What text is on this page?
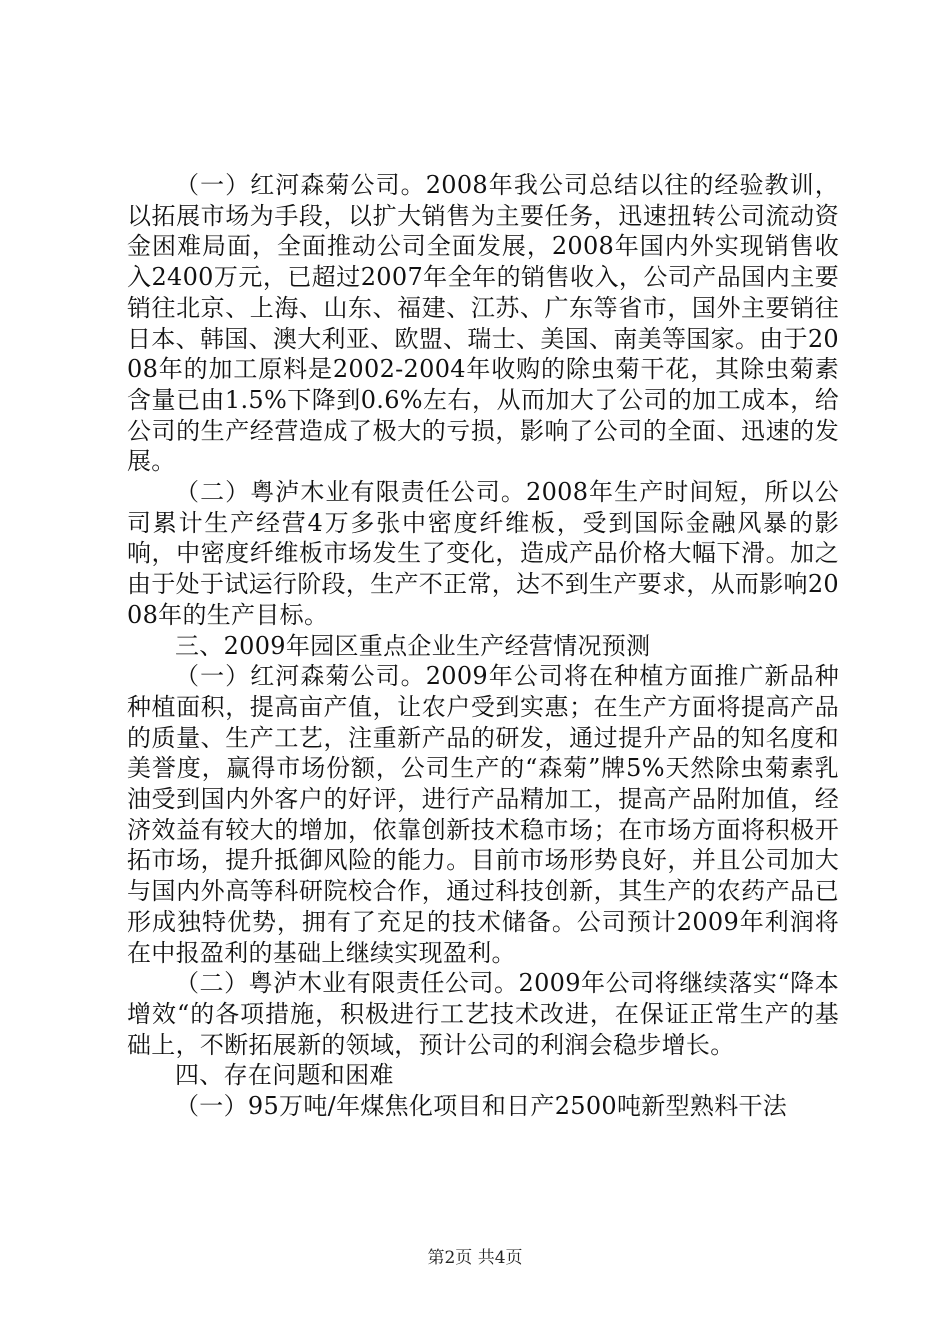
（一）红河森菊公司。2008年我公司总结以往的经验教训，以拓展市场为手段，以扩大销售为主要任务，迅速扭转公司流动资金困难局面，全面推动公司全面发展，2008年国内外实现销售收入2400万元，已超过2007年全年的销售收入，公司产品国内主要销往北京、上海、山东、福建、江苏、广东等省市，国外主要销往日本、韩国、澳大利亚、欧盟、瑞士、美国、南美等国家。由于2008年的加工原料是2002-2004年收购的除虫菊干花，其除虫菊素含量已由1.5%下降到0.6%左右，从而加大了公司的加工成本，给公司的生产经营造成了极大的亏损，影响了公司的全面、迅速的发展。

（二）粤泸木业有限责任公司。2008年生产时间短，所以公司累计生产经营4万多张中密度纤维板，受到国际金融风暴的影响，中密度纤维板市场发生了变化，造成产品价格大幅下滑。加之由于处于试运行阶段，生产不正常，达不到生产要求，从而影响2008年的生产目标。

三、2009年园区重点企业生产经营情况预测

（一）红河森菊公司。2009年公司将在种植方面推广新品种种植面积，提高亩产值，让农户受到实惠；在生产方面将提高产品的质量、生产工艺，注重新产品的研发，通过提升产品的知名度和美誉度，赢得市场份额，公司生产的“森菊”牌5%天然除虫菊素乳油受到国内外客户的好评，进行产品精加工，提高产品附加值，经济效益有较大的增加，依靠创新技术稳市场；在市场方面将积极开拓市场，提升抵御风险的能力。目前市场形势良好，并且公司加大与国内外高等科研院校合作，通过科技创新，其生产的农药产品已形成独特优势，拥有了充足的技术储备。公司预计2009年利润将在中报盈利的基础上继续实现盈利。

（二）粤泸木业有限责任公司。2009年公司将继续落实“降本增效“的各项措施，积极进行工艺技术改进，在保证正常生产的基础上，不断拓展新的领域，预计公司的利润会稳步增长。

四、存在问题和困难

（一）95万吨/年煤焦化项目和日产2500吨新型熟料干法

第2页 共4页
